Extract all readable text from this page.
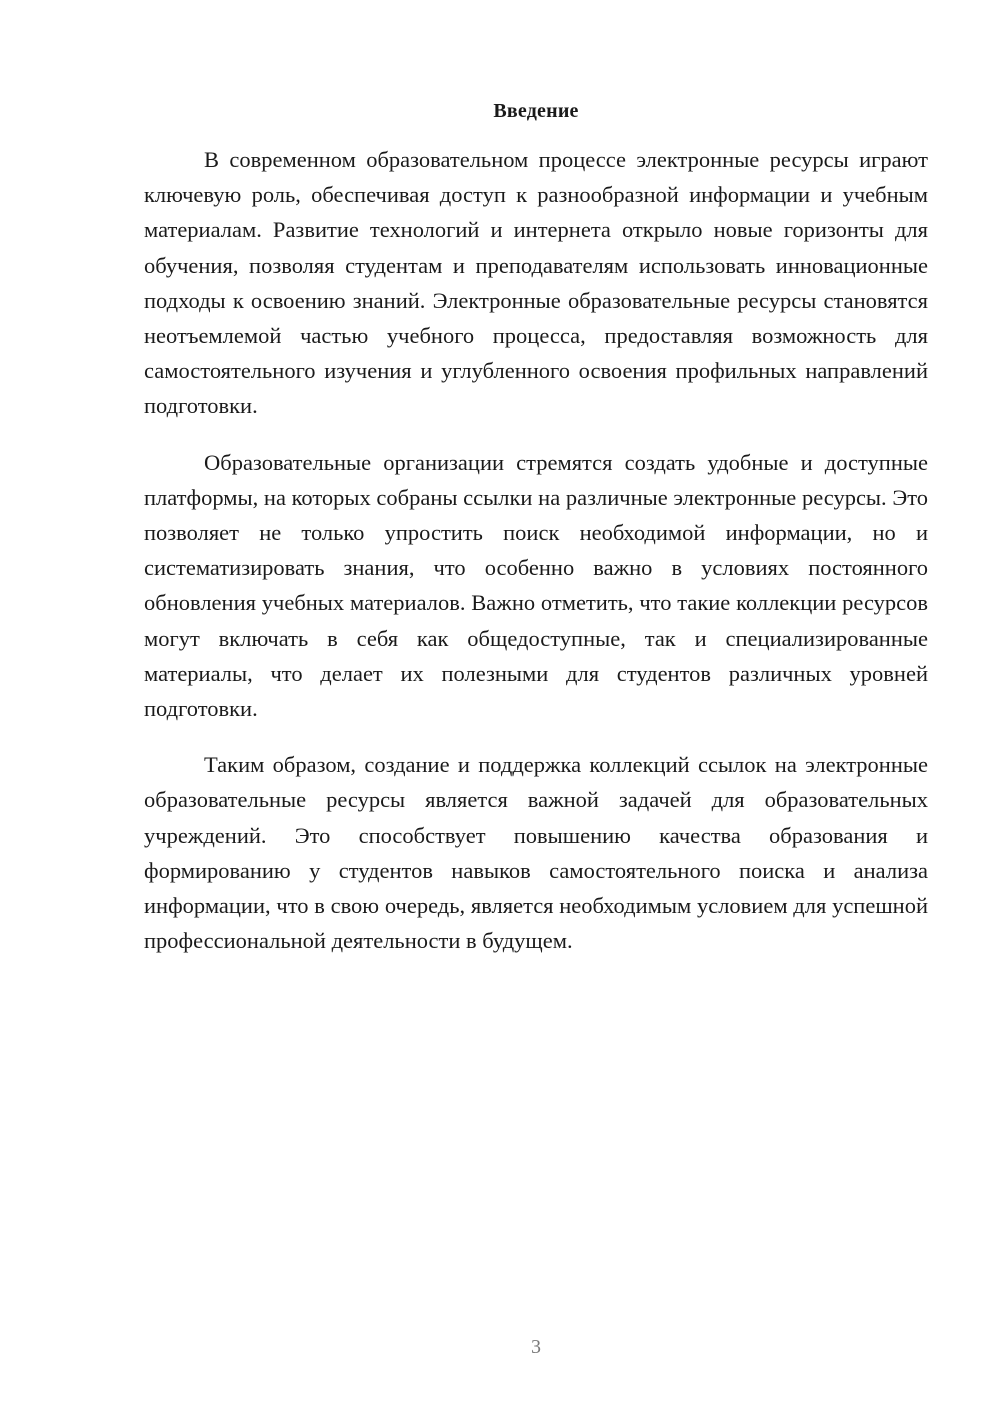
Введение

В современном образовательном процессе электронные ресурсы играют ключевую роль, обеспечивая доступ к разнообразной информации и учебным материалам. Развитие технологий и интернета открыло новые горизонты для обучения, позволяя студентам и преподавателям использовать инновационные подходы к освоению знаний. Электронные образовательные ресурсы становятся неотъемлемой частью учебного процесса, предоставляя возможность для самостоятельного изучения и углубленного освоения профильных направлений подготовки.

Образовательные организации стремятся создать удобные и доступные платформы, на которых собраны ссылки на различные электронные ресурсы. Это позволяет не только упростить поиск необходимой информации, но и систематизировать знания, что особенно важно в условиях постоянного обновления учебных материалов. Важно отметить, что такие коллекции ресурсов могут включать в себя как общедоступные, так и специализированные материалы, что делает их полезными для студентов различных уровней подготовки.

Таким образом, создание и поддержка коллекций ссылок на электронные образовательные ресурсы является важной задачей для образовательных учреждений. Это способствует повышению качества образования и формированию у студентов навыков самостоятельного поиска и анализа информации, что в свою очередь, является необходимым условием для успешной профессиональной деятельности в будущем.

3
